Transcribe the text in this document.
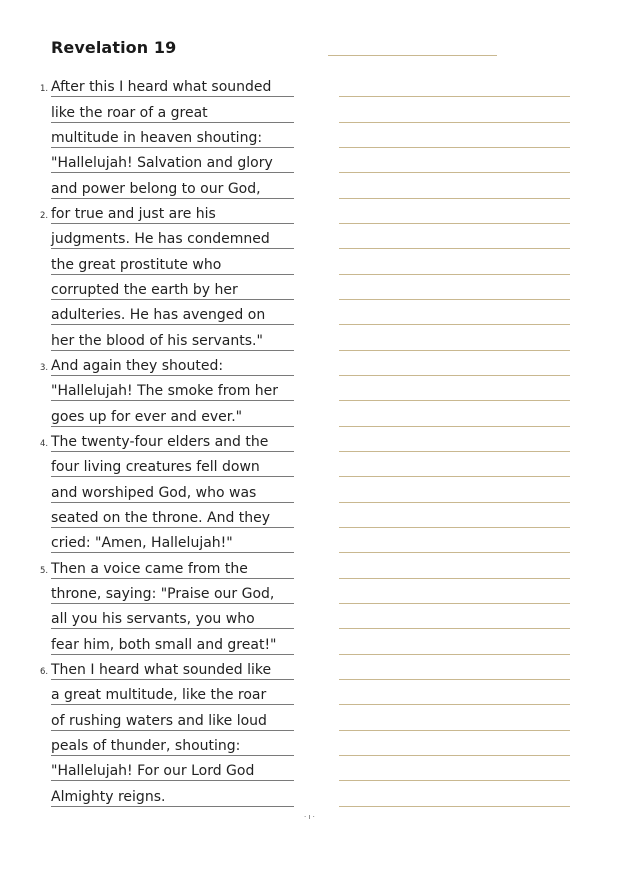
Revelation 19
1. After this I heard what sounded
like the roar of a great
multitude in heaven shouting:
"Hallelujah! Salvation and glory
and power belong to our God,
2. for true and just are his
judgments. He has condemned
the great prostitute who
corrupted the earth by her
adulteries. He has avenged on
her the blood of his servants."
3. And again they shouted:
"Hallelujah! The smoke from her
goes up for ever and ever."
4. The twenty-four elders and the
four living creatures fell down
and worshiped God, who was
seated on the throne. And they
cried: "Amen, Hallelujah!"
5. Then a voice came from the
throne, saying: "Praise our God,
all you his servants, you who
fear him, both small and great!"
6. Then I heard what sounded like
a great multitude, like the roar
of rushing waters and like loud
peals of thunder, shouting:
"Hallelujah! For our Lord God
Almighty reigns.
· ı ·
